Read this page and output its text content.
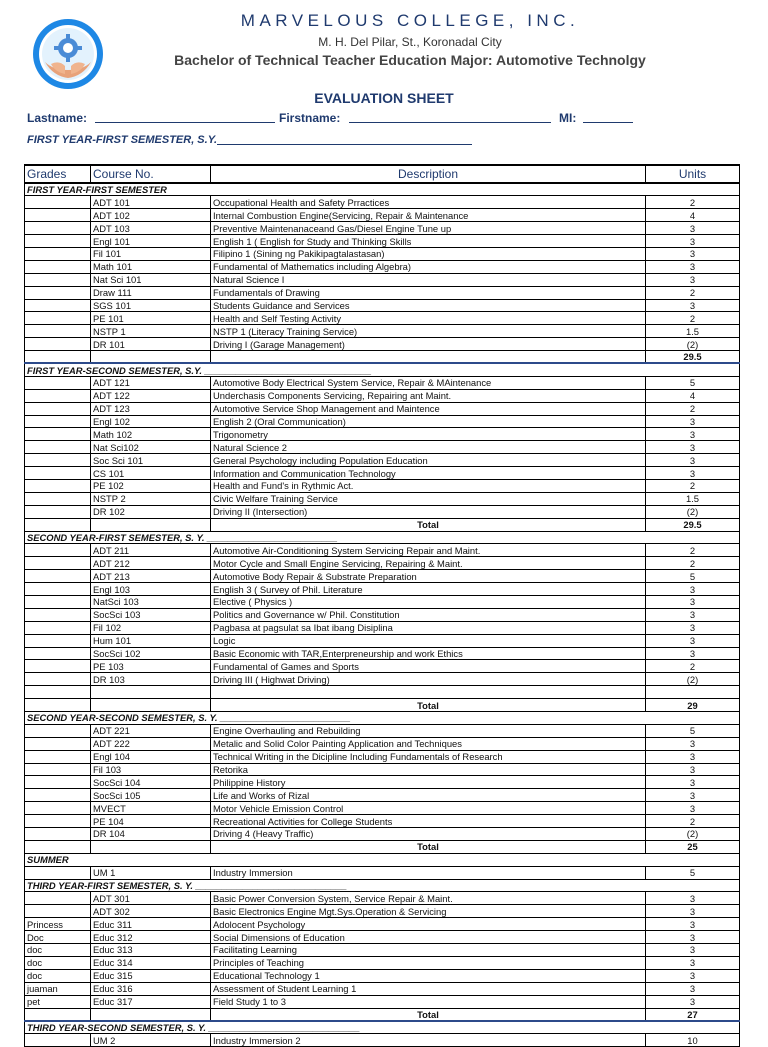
MARVELOUS COLLEGE, INC.
M. H. Del Pilar, St., Koronadal City
Bachelor of Technical Teacher Education Major: Automotive Technolgy
EVALUATION SHEET
Lastname:	Firstname:	MI:
FIRST YEAR-FIRST SEMESTER, S.Y.
Grades	Course No.	Description	Units
FIRST YEAR-FIRST SEMESTER			
	ADT 101	Occupational Health and Safety Prractices	2
	ADT 102	Internal Combustion Engine(Servicing, Repair & Maintenance	4
	ADT 103	Preventive Maintenanaceand Gas/Diesel Engine Tune up	3
	Engl 101	English 1 ( English for Study and Thinking Skills	3
	Fil 101	Filipino 1 (Sining ng Pakikipagtalastasan)	3
	Math 101	Fundamental of Mathematics including Algebra)	3
	Nat Sci 101	Natural Science I	3
	Draw 111	Fundamentals of Drawing	2
	SGS 101	Students Guidance and Services	3
	PE 101	Health and Self Testing Activity	2
	NSTP 1	NSTP 1 (Literacy Training Service)	1.5
	DR 101	Driving I (Garage Management)	(2)
			29.5
FIRST YEAR-SECOND SEMESTER, S.Y. ________________________________			
	ADT 121	Automotive Body Electrical System Service, Repair & MAintenance	5
	ADT 122	Underchasis Components Servicing, Repairing ant Maint.	4
	ADT 123	Automotive Service Shop Management and Maintence	2
	Engl 102	English 2 (Oral Communication)	3
	Math 102	Trigonometry	3
	Nat Sci102	Natural Science 2	3
	Soc Sci 101	General Psychology including Population Education	3
	CS 101	Information and Communication Technology	3
	PE 102	Health and Fund's in Rythmic Act.	2
	NSTP 2	Civic Welfare Training Service	1.5
	DR 102	Driving II (Intersection)	(2)
		Total	29.5
SECOND YEAR-FIRST SEMESTER, S. Y. _________________________			
	ADT 211	Automotive Air-Conditioning System Servicing Repair and Maint.	2
	ADT 212	Motor Cycle and Small Engine Servicing, Repairing & Maint.	2
	ADT 213	Automotive Body Repair & Substrate Preparation	5
	Engl 103	English 3 ( Survey of Phil. Literature	3
	NatSci 103	Elective ( Physics )	3
	SocSci 103	Politics and Governance w/ Phil. Constitution	3
	Fil 102	Pagbasa at pagsulat sa Ibat ibang Disiplina	3
	Hum 101	Logic	3
	SocSci 102	Basic Economic with TAR,Enterpreneurship and work Ethics	3
	PE 103	Fundamental of Games and Sports	2
	DR 103	Driving III ( Highwat Driving)	(2)

		Total	29
SECOND YEAR-SECOND SEMESTER, S. Y. _________________________			
	ADT 221	Engine Overhauling and Rebuilding	5
	ADT 222	Metalic and Solid Color Painting Application and Techniques	3
	Engl 104	Technical Writing in the Dicipline Including Fundamentals of Research	3
	Fil 103	Retorika	3
	SocSci 104	Philippine History	3
	SocSci 105	Life and Works of Rizal	3
	MVECT	Motor Vehicle Emission Control	3
	PE 104	Recreational Activities for College Students	2
	DR 104	Driving 4 (Heavy Traffic)	(2)
		Total	25
SUMMER			
	UM 1	Industry Immersion	5
THIRD YEAR-FIRST SEMESTER, S. Y. _____________________________			
	ADT 301	Basic Power Conversion System, Service Repair & Maint.	3
	ADT 302	Basic Electronics Engine Mgt.Sys.Operation & Servicing	3
Princess	Educ 311	Adolocent Psychology	3
Doc	Educ 312	Social Dimensions of Education	3
doc	Educ 313	Facilitating Learning	3
doc	Educ 314	Principles of Teaching	3
doc	Educ 315	Educational Technology 1	3
juaman	Educ 316	Assessment of Student Learning 1	3
pet	Educ 317	Field Study 1 to 3	3
		Total	27
THIRD YEAR-SECOND SEMESTER, S. Y. _____________________________			
	UM 2	Industry Immersion 2	10
